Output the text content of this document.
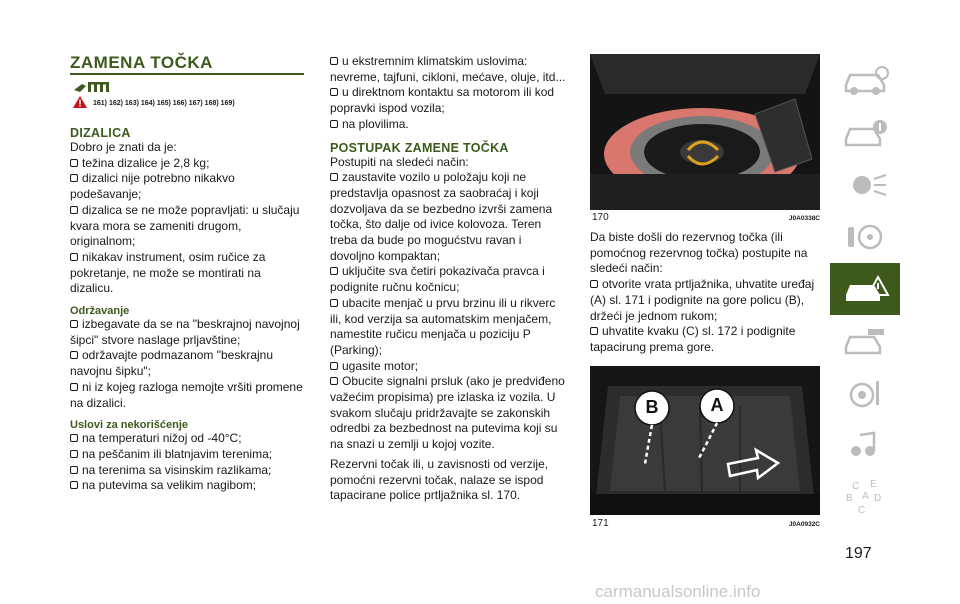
ZAMENA TOČKA
161) 162) 163) 164) 165) 166) 167) 168) 169)

DIZALICA

Dobro je znati da je:

težina dizalice je 2,8 kg;

dizalici nije potrebno nikakvo podešavanje;

dizalica se ne može popravljati: u slučaju kvara mora se zameniti drugom, originalnom;

nikakav instrument, osim ručice za pokretanje, ne može se montirati na dizalicu.

Održavanje

izbegavate da se na "beskrajnoj navojnoj šipci" stvore naslage prljavštine;

održavajte podmazanom "beskrajnu navojnu šipku";

ni iz kojeg razloga nemojte vršiti promene na dizalici.

Uslovi za nekorišćenje

na temperaturi nižoj od -40°C;

na peščanim ili blatnjavim terenima;

na terenima sa visinskim razlikama;

na putevima sa velikim nagibom;

u ekstremnim klimatskim uslovima: nevreme, tajfuni, cikloni, mećave, oluje, itd...

u direktnom kontaktu sa motorom ili kod popravki ispod vozila;

na plovilima.

POSTUPAK ZAMENE TOČKA

Postupiti na sledeći način:

zaustavite vozilo u položaju koji ne predstavlja opasnost za saobraćaj i koji dozvoljava da se bezbedno izvrši zamena točka, što dalje od ivice kolovoza. Teren treba da bude po mogućstvu ravan i dovoljno kompaktan;

uključite sva četiri pokazivača pravca i podignite ručnu kočnicu;

ubacite menjač u prvu brzinu ili u rikverc ili, kod verzija sa automatskim menjačem, namestite ručicu menjača u poziciju P (Parking);

ugasite motor;

Obucite signalni prsluk (ako je predviđeno važećim propisima) pre izlaska iz vozila. U svakom slučaju pridržavajte se zakonskih odredbi za bezbednost na putevima koji su na snazi u zemlji u kojoj vozite.

Rezervni točak ili, u zavisnosti od verzije, pomoćni rezervni točak, nalaze se ispod tapacirane police prtljažnika sl. 170.

170	J0A0338C

Da biste došli do rezervnog točka (ili pomoćnog rezervnog točka) postupite na sledeći način:

otvorite vrata prtljažnika, uhvatite uređaj (A) sl. 171 i podignite na gore policu (B), držeći je jednom rukom;

uhvatite kvaku (C) sl. 172 i podignite tapacirung prema gore.

B	A
171	J0A0932C
C E
B D
A
C
197
carmanualsonline.info
